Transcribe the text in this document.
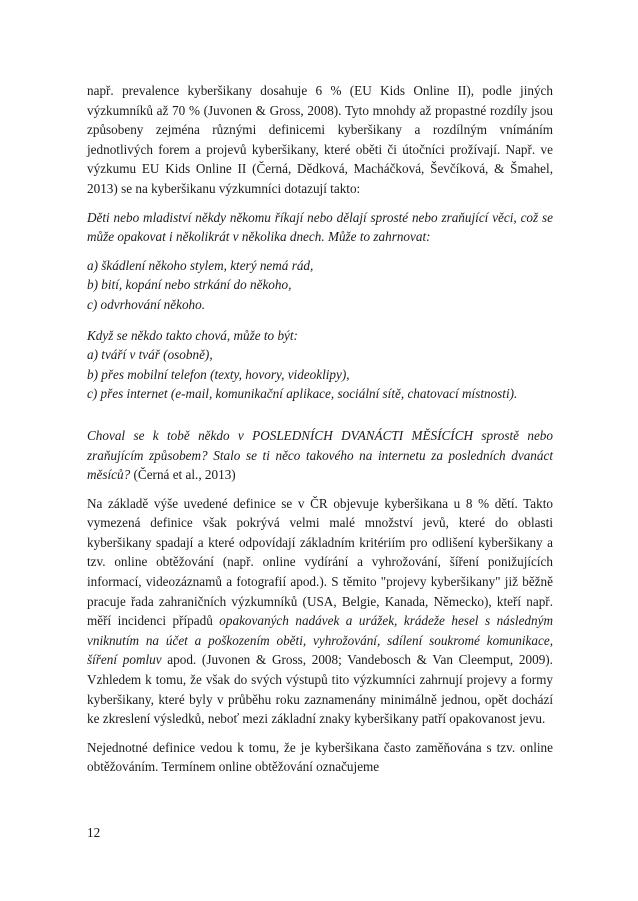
např. prevalence kyberšikany dosahuje 6 % (EU Kids Online II), podle jiných výzkumníků až 70 % (Juvonen & Gross, 2008). Tyto mnohdy až propastné rozdíly jsou způsobeny zejména různými definicemi kyberšikany a rozdílným vnímáním jednotlivých forem a projevů kyberšikany, které oběti či útočníci prožívají. Např. ve výzkumu EU Kids Online II (Černá, Dědková, Macháčková, Ševčíková, & Šmahel, 2013) se na kyberšikanu výzkumníci dotazují takto:

Děti nebo mladiství někdy někomu říkají nebo dělají sprosté nebo zraňující věci, což se může opakovat i několikrát v několika dnech. Může to zahrnovat:

a) škádlení někoho stylem, který nemá rád,

b) bití, kopání nebo strkání do někoho,

c) odvrhování někoho.

Když se někdo takto chová, může to být:

a) tváří v tvář (osobně),

b) přes mobilní telefon (texty, hovory, videoklipy),

c) přes internet (e-mail, komunikační aplikace, sociální sítě, chatovací místnosti).

Choval se k tobě někdo v POSLEDNÍCH DVANÁCTI MĚSÍCÍCH sprostě nebo zraňujícím způsobem? Stalo se ti něco takového na internetu za posledních dvanáct měsíců? (Černá et al., 2013)

Na základě výše uvedené definice se v ČR objevuje kyberšikana u 8 % dětí. Takto vymezená definice však pokrývá velmi malé množství jevů, které do oblasti kyberšikany spadají a které odpovídají základním kritériím pro odlišení kyberšikany a tzv. online obtěžování (např. online vydírání a vyhrožování, šíření ponižujících informací, videozáznamů a fotografií apod.). S těmito "projevy kyberšikany" již běžně pracuje řada zahraničních výzkumníků (USA, Belgie, Kanada, Německo), kteří např. měří incidenci případů opakovaných nadávek a urážek, krádeže hesel s následným vniknutím na účet a poškozením oběti, vyhrožování, sdílení soukromé komunikace, šíření pomluv apod. (Juvonen & Gross, 2008; Vandebosch & Van Cleemput, 2009). Vzhledem k tomu, že však do svých výstupů tito výzkumníci zahrnují projevy a formy kyberšikany, které byly v průběhu roku zaznamenány minimálně jednou, opět dochází ke zkreslení výsledků, neboť mezi základní znaky kyberšikany patří opakovanost jevu.

Nejednotné definice vedou k tomu, že je kyberšikana často zaměňována s tzv. online obtěžováním. Termínem online obtěžování označujeme

12
